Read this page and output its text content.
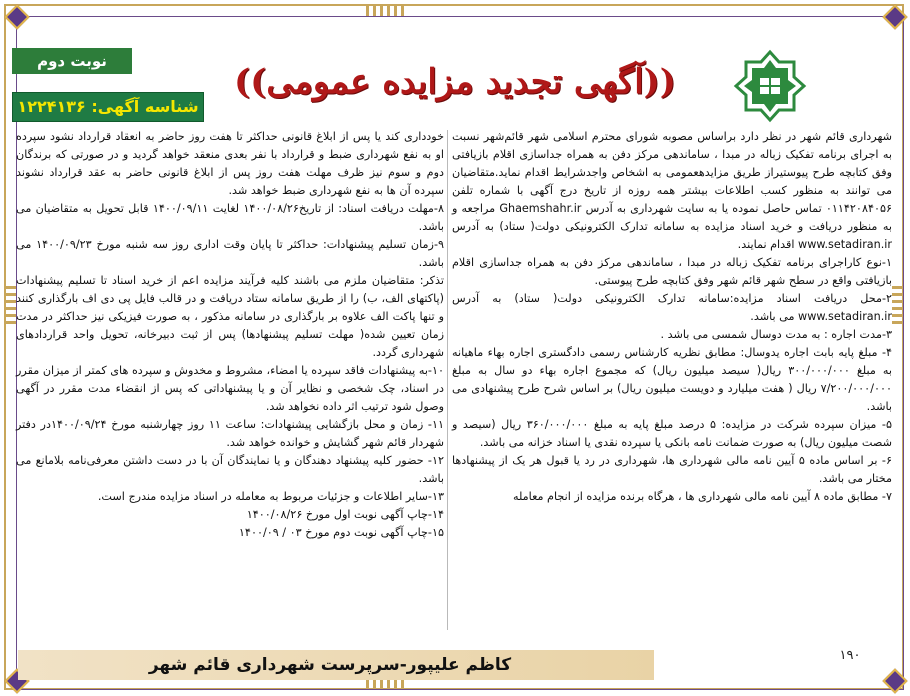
((آگهی تجدید مزایده عمومی))
نوبت دوم
شناسه آگهی: ۱۲۲۴۱۳۶

شهرداری قائم شهر در نظر دارد براساس مصوبه شورای محترم اسلامی شهر قائم‌شهر نسبت به اجرای برنامه تفکیک زباله در مبدا ، ساماندهی مرکز دفن به همراه جداسازی اقلام بازیافتی وفق کتابچه طرح پیوستیراز طریق مزایدهعمومی به اشخاص واجدشرایط اقدام نماید.متقاضیان می توانند به منظور کسب اطلاعات بیشتر همه روزه از تاریخ درج آگهی با شماره تلفن ۰۱۱۴۲۰۸۴۰۵۶ تماس حاصل نموده یا به سایت شهرداری به آدرس Ghaemshahr.ir مراجعه و به منظور دریافت و خرید اسناد مزایده به سامانه تدارک الکترونیکی دولت( ستاد) به آدرس www.setadiran.ir اقدام نمایند.

۱-نوع کاراجرای برنامه تفکیک زباله در مبدا ، ساماندهی مرکز دفن به همراه جداسازی اقلام بازیافتی واقع در سطح شهر قائم شهر وفق کتابچه طرح پیوستی.

۲-محل دریافت اسناد مزایده:سامانه تدارک الکترونیکی دولت( ستاد) به آدرس www.setadiran.ir می باشد.

۳-مدت اجاره : به مدت دوسال شمسی می باشد .

۴- مبلغ پایه بابت اجاره یدوسال: مطابق نظریه کارشناس رسمی دادگستری اجاره بهاء ماهیانه به مبلغ ۳۰۰/۰۰۰/۰۰۰ ریال( سیصد میلیون ریال) که مجموع اجاره بهاء دو سال به مبلغ ۷/۲۰۰/۰۰۰/۰۰۰ ریال ( هفت میلیارد و دویست میلیون ریال) بر اساس شرح طرح پیشنهادی می باشد.

۵- میزان سپرده شرکت در مزایده: ۵ درصد مبلغ پایه به مبلغ ۳۶۰/۰۰۰/۰۰۰ ریال (سیصد و شصت میلیون ریال) به صورت ضمانت نامه بانکی یا سپرده نقدی یا اسناد خزانه می باشد.

۶- بر اساس ماده ۵ آیین نامه مالی شهرداری ها، شهرداری در رد یا قبول هر یک از پیشنهادها مختار می باشد.

۷- مطابق ماده ۸ آیین نامه مالی شهرداری ها ، هرگاه برنده مزایده از انجام معامله

خودداری کند یا پس از ابلاغ قانونی حداکثر تا هفت روز حاضر به انعقاد قرارداد نشود سپرده او به نفع شهرداری ضبط و قرارداد با نفر بعدی منعقد خواهد گردید و در صورتی که برندگان دوم و سوم نیز ظرف مهلت هفت روز پس از ابلاغ قانونی حاضر به عقد قرارداد نشوند سپرده آن ها به نفع شهرداری ضبط خواهد شد.

۸-مهلت دریافت اسناد: از تاریخ۱۴۰۰/۰۸/۲۶ لغایت ۱۴۰۰/۰۹/۱۱ قابل تحویل به متقاضیان می باشد.

۹-زمان تسلیم پیشنهادات: حداکثر تا پایان وقت اداری روز سه شنبه مورخ ۱۴۰۰/۰۹/۲۳ می باشد.

تذکر: متقاضیان ملزم می باشند کلیه فرآیند مزایده اعم از خرید اسناد تا تسلیم پیشنهادات (پاکتهای الف، ب) را از طریق سامانه ستاد دریافت و در قالب فایل پی دی اف بارگذاری کنند و تنها پاکت الف علاوه بر بارگذاری در سامانه مذکور ، به صورت فیزیکی نیز حداکثر در مدت زمان تعیین شده( مهلت تسلیم پیشنهادها) پس از ثبت دبیرخانه، تحویل واحد قراردادهای شهرداری گردد.

۱۰-به پیشنهادات فاقد سپرده یا امضاء، مشروط و مخدوش و سپرده های کمتر از میزان مقرر در اسناد، چک شخصی و نظایر آن و یا پیشنهاداتی که پس از انقضاء مدت مقرر در آگهی وصول شود ترتیب اثر داده نخواهد شد.

۱۱- زمان و محل بازگشایی پیشنهادات: ساعت ۱۱ روز چهارشنبه مورخ ۱۴۰۰/۰۹/۲۴در دفتر شهردار قائم شهر گشایش و خوانده خواهد شد.

۱۲- حضور کلیه پیشنهاد دهندگان و یا نمایندگان آن با در دست داشتن معرفی‌نامه بلامانع می باشد.

۱۳-سایر اطلاعات و جزئیات مربوط به معامله در اسناد مزایده مندرج است.

۱۴-چاپ آگهی نوبت اول مورخ ۱۴۰۰/۰۸/۲۶

۱۵-چاپ آگهی نوبت دوم مورخ ۰۳ / ۱۴۰۰/۰۹

کاظم علیپور-سرپرست شهرداری قائم شهر	۱۹۰
